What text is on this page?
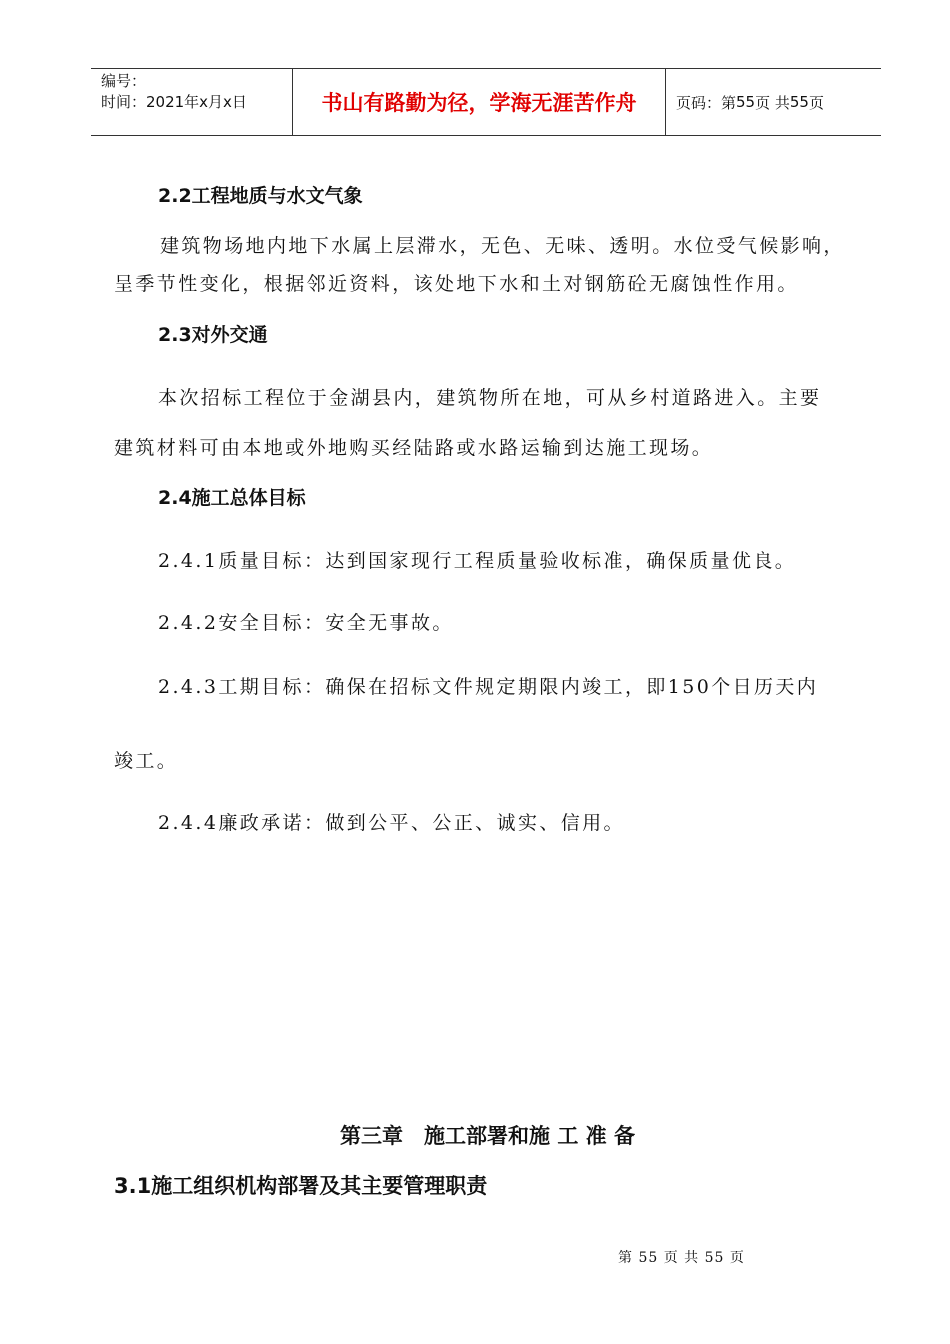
编号：
时间：2021年x月x日	书山有路勤为径，学海无涯苦作舟	页码：第 55 页 共 55 页
2.2工程地质与水文气象
建筑物场地内地下水属上层滞水，无色、无味、透明。水位受气候影响，
呈季节性变化，根据邻近资料，该处地下水和土对钢筋砼无腐蚀性作用。
2.3对外交通
本次招标工程位于金湖县内，建筑物所在地，可从乡村道路进入。主要
建筑材料可由本地或外地购买经陆路或水路运输到达施工现场。
2.4施工总体目标
2.4.1质量目标：达到国家现行工程质量验收标准，确保质量优良。
2.4.2安全目标：安全无事故。
2.4.3工期目标：确保在招标文件规定期限内竣工，即150个日历天内
竣工。
2.4.4廉政承诺：做到公平、公正、诚实、信用。
第三章　施工部署和施 工 准 备
3.1施工组织机构部署及其主要管理职责
第 55 页 共 55 页
